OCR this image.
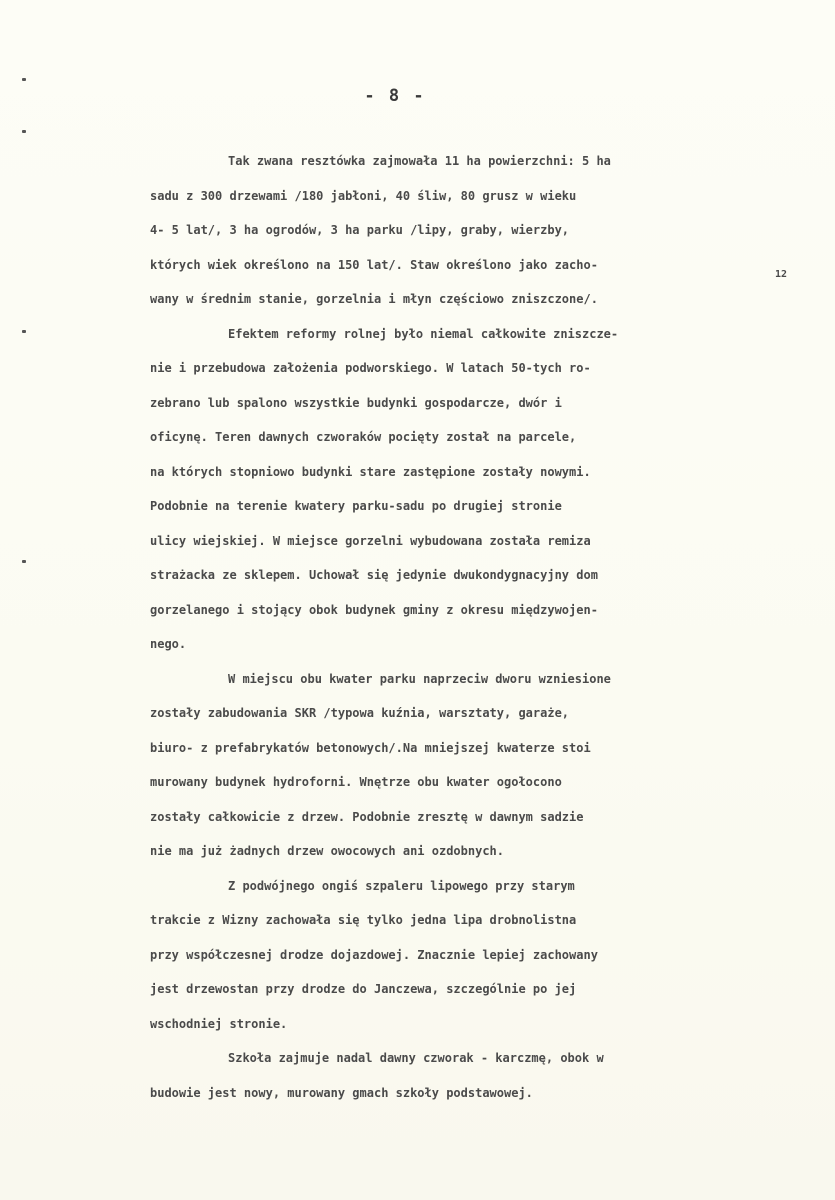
- 8 -
12
Tak zwana resztówka zajmowała 11 ha powierzchni: 5 ha
sadu z 300 drzewami /180 jabłoni, 40 śliw, 80 grusz w wieku
4- 5 lat/, 3 ha ogrodów, 3 ha parku /lipy, graby, wierzby,
których wiek określono na 150 lat/. Staw określono jako zacho-
wany w średnim stanie, gorzelnia i młyn częściowo zniszczone/.
Efektem reformy rolnej było niemal całkowite zniszcze-
nie i przebudowa założenia podworskiego. W latach 50-tych ro-
zebrano lub spalono wszystkie budynki gospodarcze, dwór i
oficynę. Teren dawnych czworaków pocięty został na parcele,
na których stopniowo budynki stare zastępione zostały nowymi.
Podobnie na terenie kwatery parku-sadu po drugiej stronie
ulicy wiejskiej. W miejsce gorzelni wybudowana została remiza
strażacka ze sklepem. Uchował się jedynie dwukondygnacyjny dom
gorzelanego i stojący obok budynek gminy z okresu międzywojen-
nego.
W miejscu obu kwater parku naprzeciw dworu wzniesione
zostały zabudowania SKR /typowa kuźnia, warsztaty, garaże,
biuro- z prefabrykatów betonowych/.Na mniejszej kwaterze stoi
murowany budynek hydroforni. Wnętrze obu kwater ogołocono
zostały całkowicie z drzew. Podobnie zresztę w dawnym sadzie
nie ma już żadnych drzew owocowych ani ozdobnych.
Z podwójnego ongiś szpaleru lipowego przy starym
trakcie z Wizny zachowała się tylko jedna lipa drobnolistna
przy współczesnej drodze dojazdowej. Znacznie lepiej zachowany
jest drzewostan przy drodze do Janczewa, szczególnie po jej
wschodniej stronie.
Szkoła zajmuje nadal dawny czworak - karczmę, obok w
budowie jest nowy, murowany gmach szkoły podstawowej.
